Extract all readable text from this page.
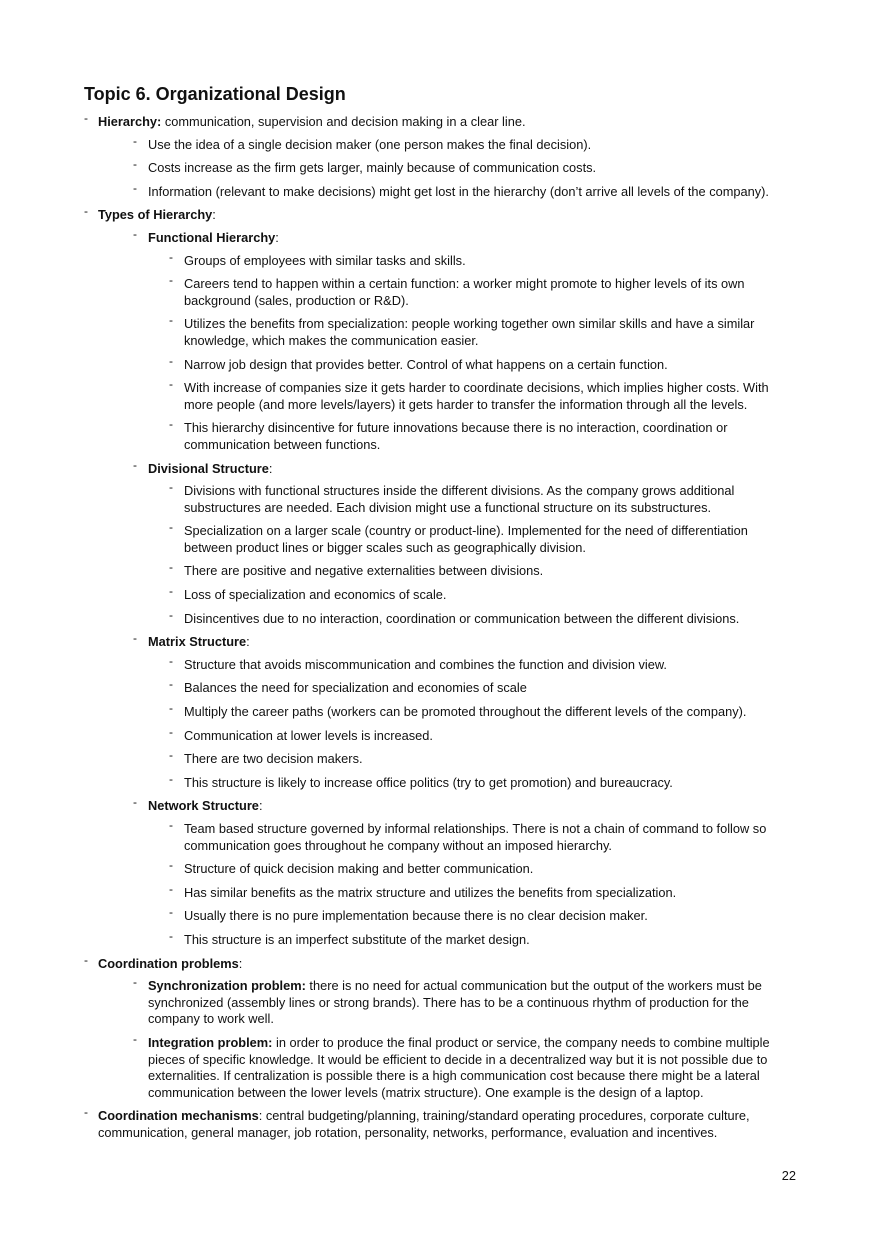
Topic 6. Organizational Design
- Hierarchy: communication, supervision and decision making in a clear line.
- Use the idea of a single decision maker (one person makes the final decision).
- Costs increase as the firm gets larger, mainly because of communication costs.
- Information (relevant to make decisions) might get lost in the hierarchy (don’t arrive all levels of the company).
- Types of Hierarchy:
- Functional Hierarchy:
- Groups of employees with similar tasks and skills.
- Careers tend to happen within a certain function: a worker might promote to higher levels of its own background (sales, production or R&D).
- Utilizes the benefits from specialization: people working together own similar skills and have a similar knowledge, which makes the communication easier.
- Narrow job design that provides better. Control of what happens on a certain function.
- With increase of companies size it gets harder to coordinate decisions, which implies higher costs. With more people (and more levels/layers) it gets harder to transfer the information through all the levels.
- This hierarchy disincentive for future innovations because there is no interaction, coordination or communication between functions.
- Divisional Structure:
- Divisions with functional structures inside the different divisions. As the company grows additional substructures are needed. Each division might use a functional structure on its substructures.
- Specialization on a larger scale (country or product-line). Implemented for the need of differentiation between product lines or bigger scales such as geographically division.
- There are positive and negative externalities between divisions.
- Loss of specialization and economics of scale.
- Disincentives due to no interaction, coordination or communication between the different divisions.
- Matrix Structure:
- Structure that avoids miscommunication and combines the function and division view.
- Balances the need for specialization and economies of scale
- Multiply the career paths (workers can be promoted throughout the different levels of the company).
- Communication at lower levels is increased.
- There are two decision makers.
- This structure is likely to increase office politics (try to get promotion) and bureaucracy.
- Network Structure:
- Team based structure governed by informal relationships. There is not a chain of command to follow so communication goes throughout he company without an imposed hierarchy.
- Structure of quick decision making and better communication.
- Has similar benefits as the matrix structure and utilizes the benefits from specialization.
- Usually there is no pure implementation because there is no clear decision maker.
- This structure is an imperfect substitute of the market design.
- Coordination problems:
- Synchronization problem: there is no need for actual communication but the output of the workers must be synchronized (assembly lines or strong brands). There has to be a continuous rhythm of production for the company to work well.
- Integration problem: in order to produce the final product or service, the company needs to combine multiple pieces of specific knowledge. It would be efficient to decide in a decentralized way but it is not possible due to externalities. If centralization is possible there is a high communication cost because there might be a lateral communication between the lower levels (matrix structure). One example is the design of a laptop.
- Coordination mechanisms: central budgeting/planning, training/standard operating procedures, corporate culture, communication, general manager, job rotation, personality, networks, performance, evaluation and incentives.
22
